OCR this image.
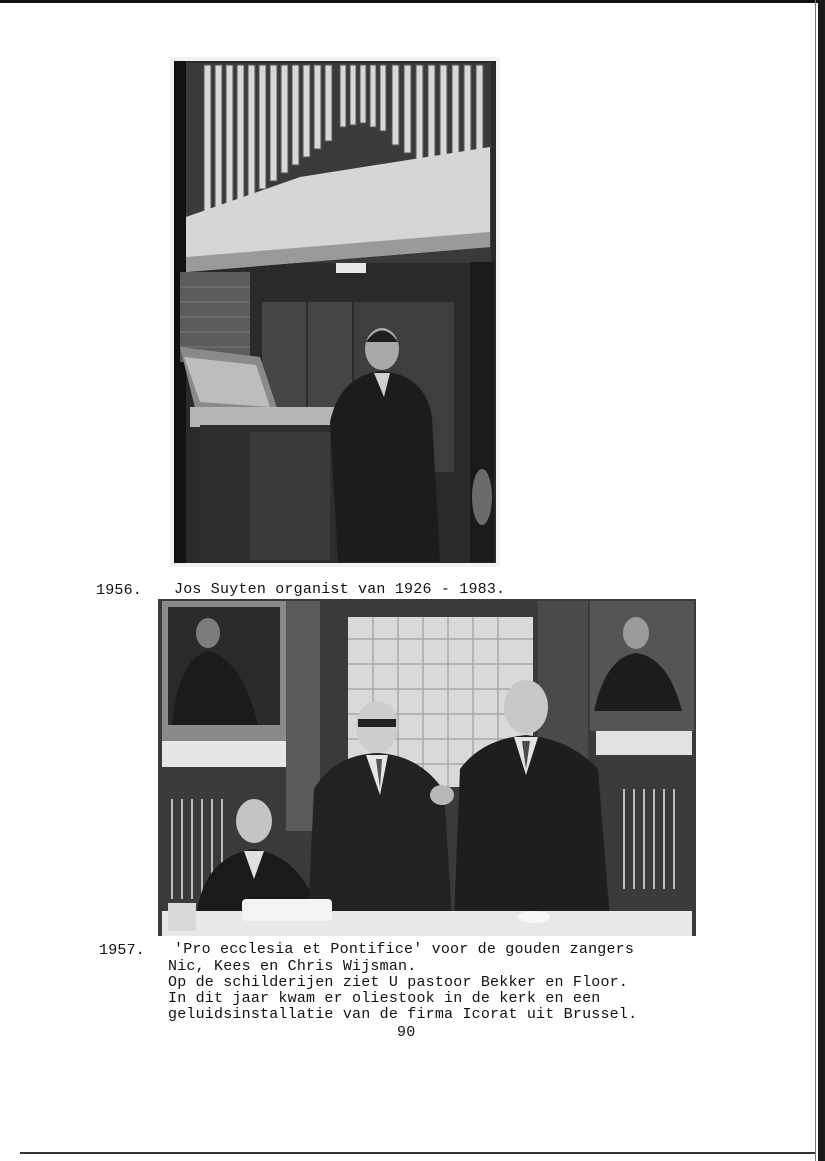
1956. Jos Suyten organist van 1926 - 1983.
1957. 'Pro ecclesia et Pontifice' voor de gouden zangers
Nic, Kees en Chris Wijsman.
Op de schilderijen ziet U pastoor Bekker en Floor.
In dit jaar kwam er oliestook in de kerk en een
geluidsinstallatie van de firma Icorat uit Brussel.
90
